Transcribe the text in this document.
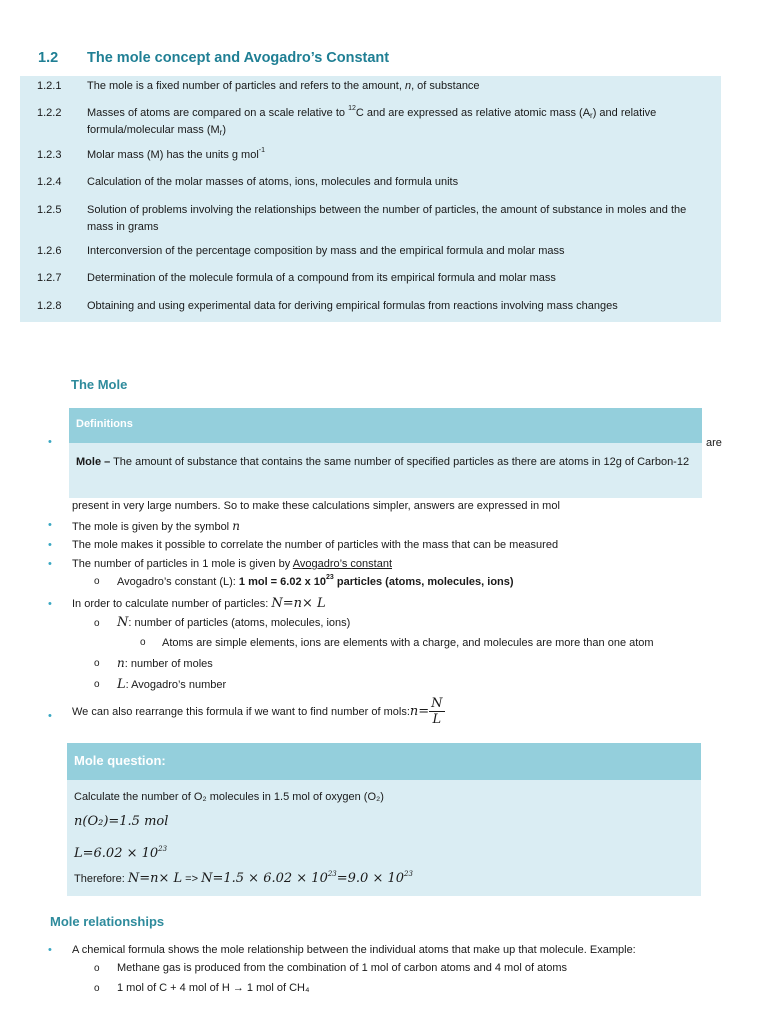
1.2 The mole concept and Avogadro’s Constant
1.2.1 The mole is a fixed number of particles and refers to the amount, n, of substance
1.2.2 Masses of atoms are compared on a scale relative to $^{12}$C and are expressed as relative atomic mass $(A_r)$ and relative formula/molecular mass $(M_r)$
1.2.3 Molar mass (M) has the units g mol$^{-1}$
1.2.4 Calculation of the molar masses of atoms, ions, molecules and formula units
1.2.5 Solution of problems involving the relationships between the number of particles, the amount of substance in moles and the mass in grams
1.2.6 Interconversion of the percentage composition by mass and the empirical formula and molar mass
1.2.7 Determination of the molecule formula of a compound from its empirical formula and molar mass
1.2.8 Obtaining and using experimental data for deriving empirical formulas from reactions involving mass changes
The Mole
Definitions
Mole – The amount of substance that contains the same number of specified particles as there are atoms in 12g of Carbon-12
•	are
present in very large numbers. So to make these calculations simpler, answers are expressed in mol
• The mole is given by the symbol n
• The mole makes it possible to correlate the number of particles with the mass that can be measured
• The number of particles in 1 mole is given by Avogadro’s constant
o Avogadro’s constant (L): 1 mol = 6.02 x $10^{23}$ particles (atoms, molecules, ions)
• In order to calculate number of particles: N=n× L
o N: number of particles (atoms, molecules, ions)
o Atoms are simple elements, ions are elements with a charge, and molecules are more than one atom
o n: number of moles
o L: Avogadro’s number
• We can also rearrange this formula if we want to find number of mols:n= $\frac{N}{L}$
Mole question:
Calculate the number of O₂ molecules in 1.5 mol of oxygen (O₂)
n(O₂)=1.5 mol
$L=6.02 \times 10^{23}$
Therefore: $N=n\times L => N=1.5 \times 6.02 \times 10^{23}=9.0 \times 10^{23}$
Mole relationships
• A chemical formula shows the mole relationship between the individual atoms that make up that molecule. Example:
o Methane gas is produced from the combination of 1 mol of carbon atoms and 4 mol of atoms
o 1 mol of C + 4 mol of H → 1 mol of CH₄
